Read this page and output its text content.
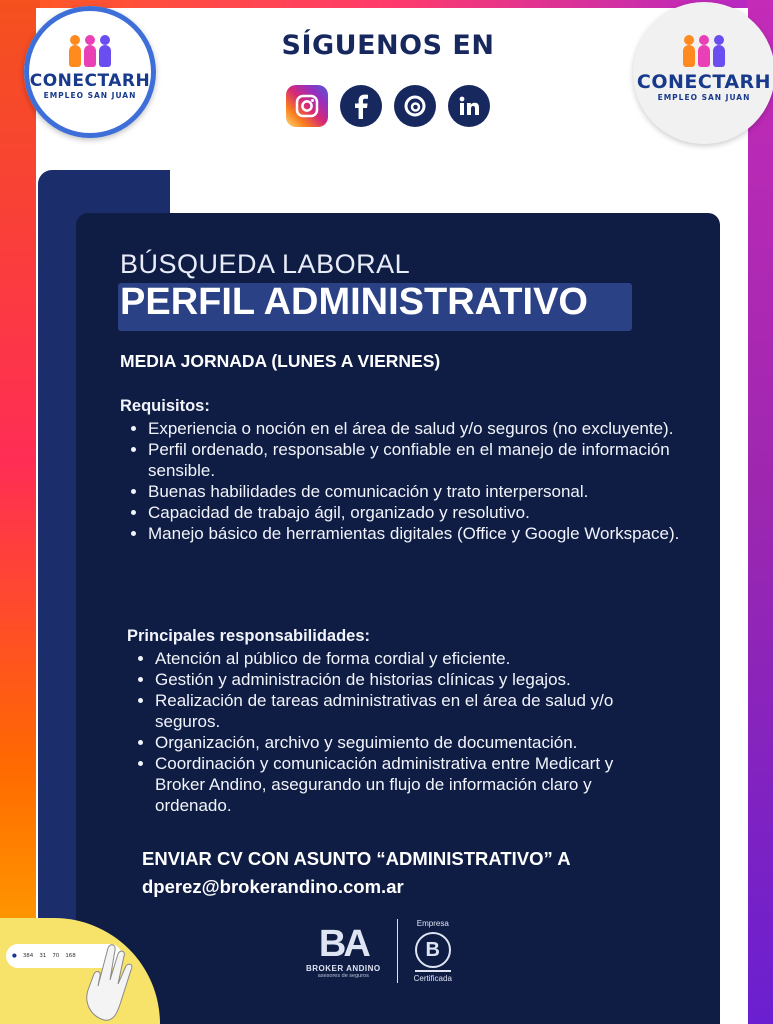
CONECTARH
EMPLEO SAN JUAN
CONECTARH
EMPLEO SAN JUAN
SÍGUENOS EN
BÚSQUEDA LABORAL
PERFIL ADMINISTRATIVO
MEDIA JORNADA (LUNES A VIERNES)
Requisitos:
• Experiencia o noción en el área de salud y/o seguros (no excluyente).
• Perfil ordenado, responsable y confiable en el manejo de información sensible.
• Buenas habilidades de comunicación y trato interpersonal.
• Capacidad de trabajo ágil, organizado y resolutivo.
• Manejo básico de herramientas digitales (Office y Google Workspace).
Principales responsabilidades:
• Atención al público de forma cordial y eficiente.
• Gestión y administración de historias clínicas y legajos.
• Realización de tareas administrativas en el área de salud y/o seguros.
• Organización, archivo y seguimiento de documentación.
• Coordinación y comunicación administrativa entre Medicart y Broker Andino, asegurando un flujo de información claro y ordenado.
ENVIAR CV CON ASUNTO “ADMINISTRATIVO” A
dperez@brokerandino.com.ar
BA
BROKER ANDINO
asesores de seguros
Empresa
B
Certificada
● 384 31 70 168
